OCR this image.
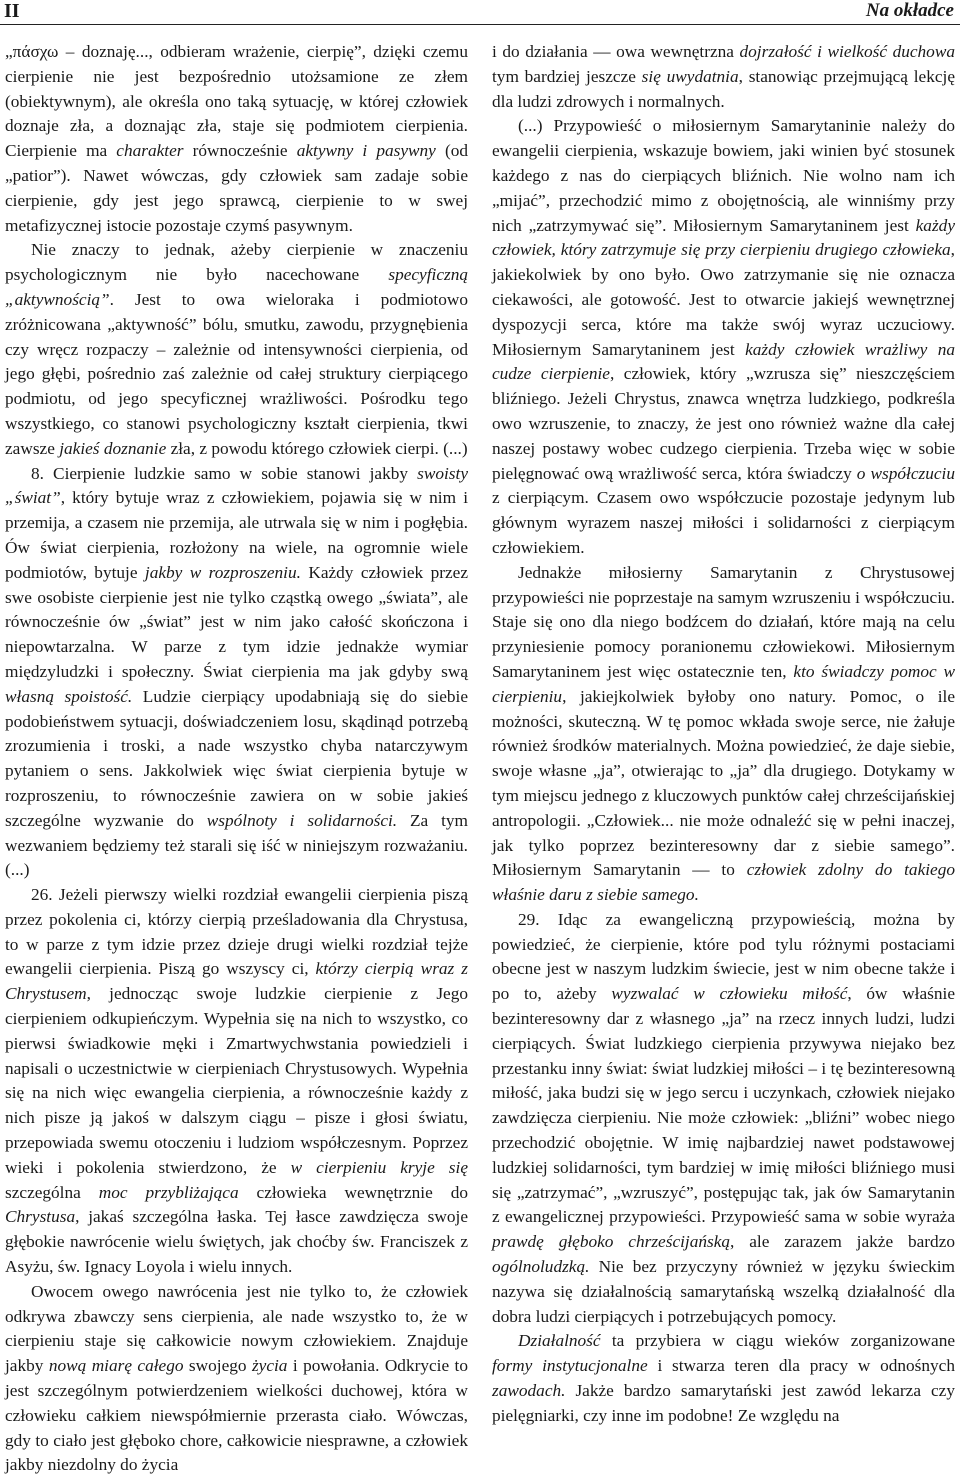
II	Na okładce

„πάσχω – doznaję..., odbieram wrażenie, cierpię”, dzięki czemu cierpienie nie jest bezpośrednio utożsamione ze złem (obiektywnym), ale określa ono taką sytuację, w której człowiek doznaje zła, a doznając zła, staje się podmiotem cierpienia. Cierpienie ma charakter równocześnie aktywny i pasywny (od „patior”). Nawet wówczas, gdy człowiek sam zadaje sobie cierpienie, gdy jest jego sprawcą, cierpienie to w swej metafizycznej istocie pozostaje czymś pasywnym.

Nie znaczy to jednak, ażeby cierpienie w znaczeniu psychologicznym nie było nacechowane specyficzną „aktywnością”. Jest to owa wieloraka i podmiotowo zróżnicowana „aktywność” bólu, smutku, zawodu, przygnębienia czy wręcz rozpaczy – zależnie od intensywności cierpienia, od jego głębi, pośrednio zaś zależnie od całej struktury cierpiącego podmiotu, od jego specyficznej wrażliwości. Pośrodku tego wszystkiego, co stanowi psychologiczny kształt cierpienia, tkwi zawsze jakieś doznanie zła, z powodu którego człowiek cierpi. (...)

8. Cierpienie ludzkie samo w sobie stanowi jakby swoisty „świat”, który bytuje wraz z człowiekiem, pojawia się w nim i przemija, a czasem nie przemija, ale utrwala się w nim i pogłębia. Ów świat cierpienia, rozłożony na wiele, na ogromnie wiele podmiotów, bytuje jakby w rozproszeniu. Każdy człowiek przez swe osobiste cierpienie jest nie tylko cząstką owego „świata”, ale równocześnie ów „świat” jest w nim jako całość skończona i niepowtarzalna. W parze z tym idzie jednakże wymiar międzyludzki i społeczny. Świat cierpienia ma jak gdyby swą własną spoistość. Ludzie cierpiący upodabniają się do siebie podobieństwem sytuacji, doświadczeniem losu, skądinąd potrzebą zrozumienia i troski, a nade wszystko chyba natarczywym pytaniem o sens. Jakkolwiek więc świat cierpienia bytuje w rozproszeniu, to równocześnie zawiera on w sobie jakieś szczególne wyzwanie do wspólnoty i solidarności. Za tym wezwaniem będziemy też starali się iść w niniejszym rozważaniu. (...)

26. Jeżeli pierwszy wielki rozdział ewangelii cierpienia piszą przez pokolenia ci, którzy cierpią prześladowania dla Chrystusa, to w parze z tym idzie przez dzieje drugi wielki rozdział tejże ewangelii cierpienia. Piszą go wszyscy ci, którzy cierpią wraz z Chrystusem, jednocząc swoje ludzkie cierpienie z Jego cierpieniem odkupieńczym. Wypełnia się na nich to wszystko, co pierwsi świadkowie męki i Zmartwychwstania powiedzieli i napisali o uczestnictwie w cierpieniach Chrystusowych. Wypełnia się na nich więc ewangelia cierpienia, a równocześnie każdy z nich pisze ją jakoś w dalszym ciągu – pisze i głosi światu, przepowiada swemu otoczeniu i ludziom współczesnym. Poprzez wieki i pokolenia stwierdzono, że w cierpieniu kryje się szczególna moc przybliżająca człowieka wewnętrznie do Chrystusa, jakaś szczególna łaska. Tej łasce zawdzięcza swoje głębokie nawrócenie wielu świętych, jak choćby św. Franciszek z Asyżu, św. Ignacy Loyola i wielu innych.

Owocem owego nawrócenia jest nie tylko to, że człowiek odkrywa zbawczy sens cierpienia, ale nade wszystko to, że w cierpieniu staje się całkowicie nowym człowiekiem. Znajduje jakby nową miarę całego swojego życia i powołania. Odkrycie to jest szczególnym potwierdzeniem wielkości duchowej, która w człowieku całkiem niewspółmiernie przerasta ciało. Wówczas, gdy to ciało jest głęboko chore, całkowicie niesprawne, a człowiek jakby niezdolny do życia

i do działania — owa wewnętrzna dojrzałość i wielkość duchowa tym bardziej jeszcze się uwydatnia, stanowiąc przejmującą lekcję dla ludzi zdrowych i normalnych.

(...) Przypowieść o miłosiernym Samarytaninie należy do ewangelii cierpienia, wskazuje bowiem, jaki winien być stosunek każdego z nas do cierpiących bliźnich. Nie wolno nam ich „mijać”, przechodzić mimo z obojętnością, ale winniśmy przy nich „zatrzymywać się”. Miłosiernym Samarytaninem jest każdy człowiek, który zatrzymuje się przy cierpieniu drugiego człowieka, jakiekolwiek by ono było. Owo zatrzymanie się nie oznacza ciekawości, ale gotowość. Jest to otwarcie jakiejś wewnętrznej dyspozycji serca, które ma także swój wyraz uczuciowy. Miłosiernym Samarytaninem jest każdy człowiek wrażliwy na cudze cierpienie, człowiek, który „wzrusza się” nieszczęściem bliźniego. Jeżeli Chrystus, znawca wnętrza ludzkiego, podkreśla owo wzruszenie, to znaczy, że jest ono również ważne dla całej naszej postawy wobec cudzego cierpienia. Trzeba więc w sobie pielęgnować ową wrażliwość serca, która świadczy o współczuciu z cierpiącym. Czasem owo współczucie pozostaje jedynym lub głównym wyrazem naszej miłości i solidarności z cierpiącym człowiekiem.

Jednakże miłosierny Samarytanin z Chrystusowej przypowieści nie poprzestaje na samym wzruszeniu i współczuciu. Staje się ono dla niego bodźcem do działań, które mają na celu przyniesienie pomocy poranionemu człowiekowi. Miłosiernym Samarytaninem jest więc ostatecznie ten, kto świadczy pomoc w cierpieniu, jakiejkolwiek byłoby ono natury. Pomoc, o ile możności, skuteczną. W tę pomoc wkłada swoje serce, nie żałuje również środków materialnych. Można powiedzieć, że daje siebie, swoje własne „ja”, otwierając to „ja” dla drugiego. Dotykamy w tym miejscu jednego z kluczowych punktów całej chrześcijańskiej antropologii. „Człowiek... nie może odnaleźć się w pełni inaczej, jak tylko poprzez bezinteresowny dar z siebie samego”. Miłosiernym Samarytanin — to człowiek zdolny do takiego właśnie daru z siebie samego.

29. Idąc za ewangeliczną przypowieścią, można by powiedzieć, że cierpienie, które pod tylu różnymi postaciami obecne jest w naszym ludzkim świecie, jest w nim obecne także i po to, ażeby wyzwalać w człowieku miłość, ów właśnie bezinteresowny dar z własnego „ja” na rzecz innych ludzi, ludzi cierpiących. Świat ludzkiego cierpienia przywywa niejako bez przestanku inny świat: świat ludzkiej miłości – i tę bezinteresowną miłość, jaka budzi się w jego sercu i uczynkach, człowiek niejako zawdzięcza cierpieniu. Nie może człowiek: „bliźni” wobec niego przechodzić obojętnie. W imię najbardziej nawet podstawowej ludzkiej solidarności, tym bardziej w imię miłości bliźniego musi się „zatrzymać”, „wzruszyć”, postępując tak, jak ów Samarytanin z ewangelicznej przypowieści. Przypowieść sama w sobie wyraża prawdę głęboko chrześcijańską, ale zarazem jakże bardzo ogólnoludzką. Nie bez przyczyny również w języku świeckim nazywa się działalnością samarytańską wszelką działalność dla dobra ludzi cierpiących i potrzebujących pomocy.

Działalność ta przybiera w ciągu wieków zorganizowane formy instytucjonalne i stwarza teren dla pracy w odnośnych zawodach. Jakże bardzo samarytański jest zawód lekarza czy pielęgniarki, czy inne im podobne! Ze względu na
